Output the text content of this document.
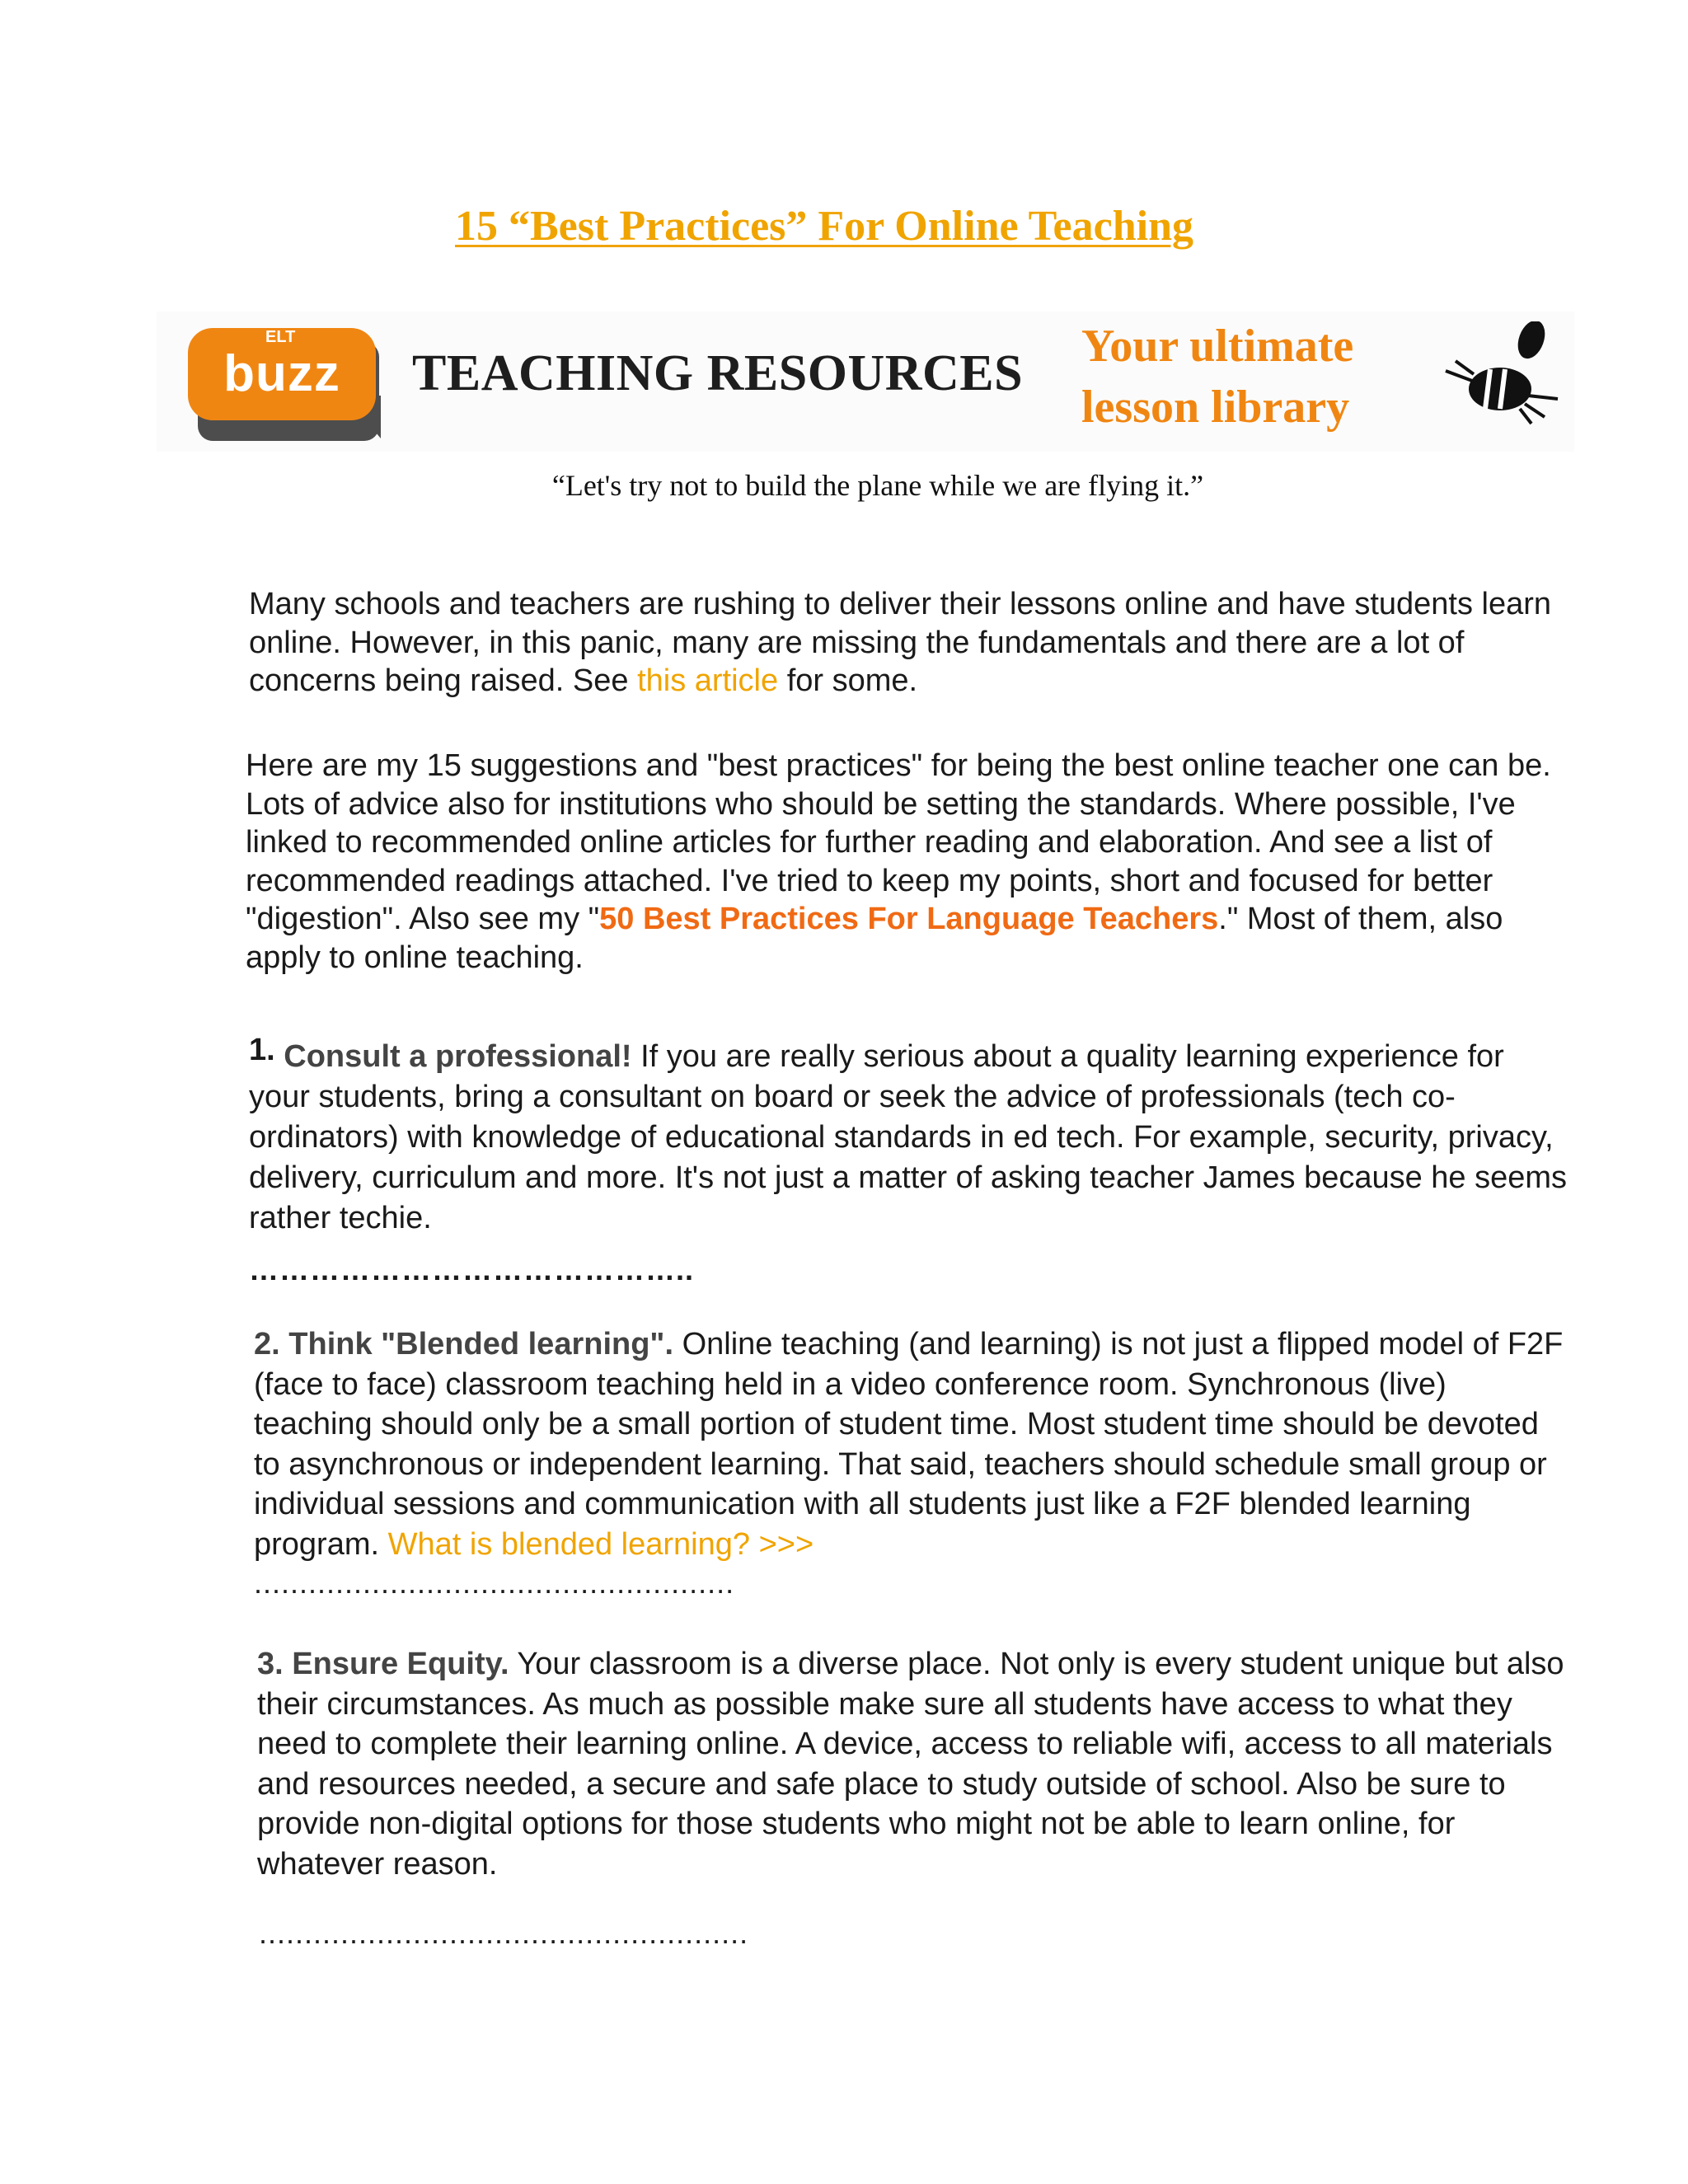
15 “Best Practices” For Online Teaching
buzz
ELT
TEACHING RESOURCES Your ultimate
lesson library
“Let's try not to build the plane while we are flying it.”
Many schools and teachers are rushing to deliver their lessons online and have students learn online. However, in this panic, many are missing the fundamentals and there are a lot of concerns being raised. See this article for some.
Here are my 15 suggestions and "best practices" for being the best online teacher one can be. Lots of advice also for institutions who should be setting the standards. Where possible, I've linked to recommended online articles for further reading and elaboration. And see a list of recommended readings attached. I've tried to keep my points, short and focused for better "digestion". Also see my "50 Best Practices For Language Teachers." Most of them, also apply to online teaching.
1. Consult a professional! If you are really serious about a quality learning experience for your students, bring a consultant on board or seek the advice of professionals (tech co-ordinators) with knowledge of educational standards in ed tech. For example, security, privacy, delivery, curriculum and more. It's not just a matter of asking teacher James because he seems rather techie.
……………………………………..
2. Think "Blended learning". Online teaching (and learning) is not just a flipped model of F2F (face to face) classroom teaching held in a video conference room. Synchronous (live) teaching should only be a small portion of student time. Most student time should be devoted to asynchronous or independent learning. That said, teachers should schedule small group or individual sessions and communication with all students just like a F2F blended learning program. What is blended learning? >>>
.....................................................
3. Ensure Equity. Your classroom is a diverse place. Not only is every student unique but also their circumstances. As much as possible make sure all students have access to what they need to complete their learning online. A device, access to reliable wifi, access to all materials and resources needed, a secure and safe place to study outside of school. Also be sure to provide non-digital options for those students who might not be able to learn online, for whatever reason.
......................................................
